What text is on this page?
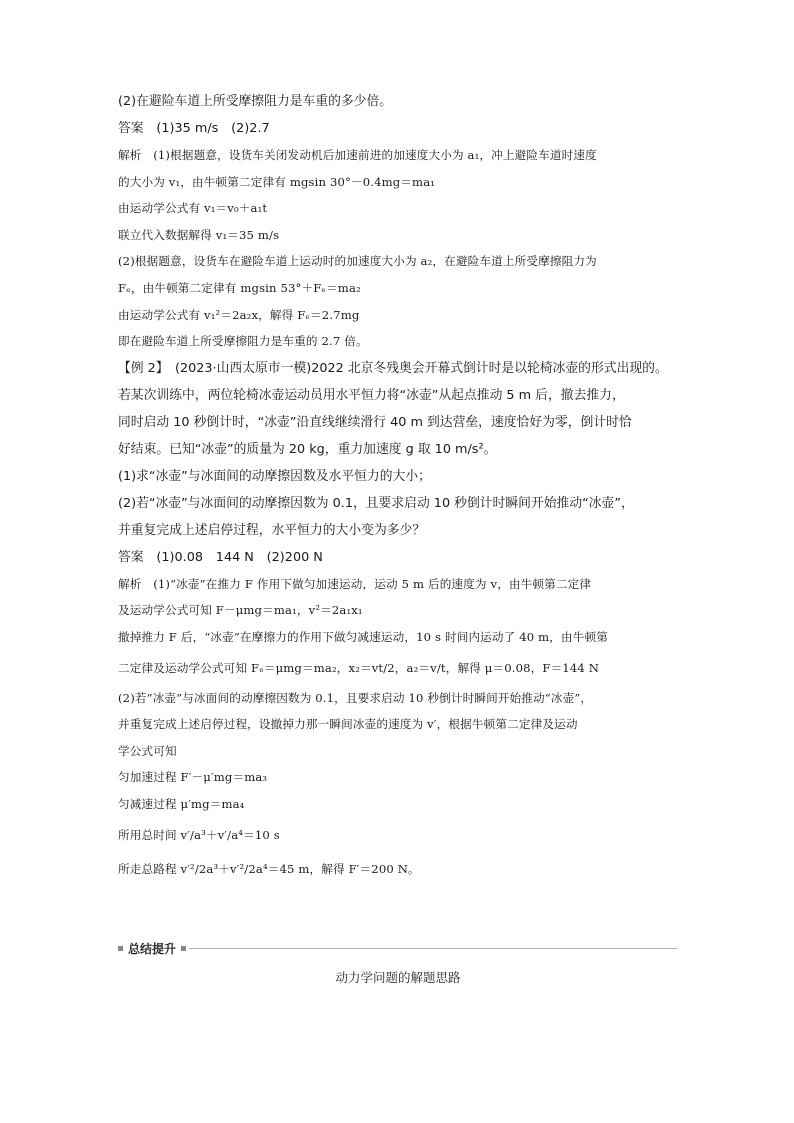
(2)在避险车道上所受摩擦阻力是车重的多少倍。
答案　(1)35 m/s　(2)2.7
解析　(1)根据题意，设货车关闭发动机后加速前进的加速度大小为 a₁，冲上避险车道时速度
的大小为 v₁，由牛顿第二定律有 mgsin 30°－0.4mg＝ma₁
由运动学公式有 v₁＝v₀＋a₁t
联立代入数据解得 v₁＝35 m/s
(2)根据题意，设货车在避险车道上运动时的加速度大小为 a₂，在避险车道上所受摩擦阻力为
Fₑ，由牛顿第二定律有 mgsin 53°＋Fₑ＝ma₂
由运动学公式有 v₁²＝2a₂x，解得 Fₑ＝2.7mg
即在避险车道上所受摩擦阻力是车重的 2.7 倍。
【例 2】　(2023·山西太原市一模)2022 北京冬残奥会开幕式倒计时是以轮椅冰壶的形式出现的。
若某次训练中，两位轮椅冰壶运动员用水平恒力将“冰壶”从起点推动 5 m 后，撤去推力，
同时启动 10 秒倒计时，“冰壶”沿直线继续滑行 40 m 到达营垒，速度恰好为零，倒计时恰
好结束。已知“冰壶”的质量为 20 kg，重力加速度 g 取 10 m/s²。
(1)求“冰壶”与冰面间的动摩擦因数及水平恒力的大小；
(2)若“冰壶”与冰面间的动摩擦因数为 0.1，且要求启动 10 秒倒计时瞬间开始推动“冰壶”，
并重复完成上述启停过程，水平恒力的大小变为多少？
答案　(1)0.08　144 N　(2)200 N
解析　(1)“冰壶”在推力 F 作用下做匀加速运动，运动 5 m 后的速度为 v，由牛顿第二定律
及运动学公式可知 F－μmg＝ma₁，v²＝2a₁x₁
撤掉推力 F 后，“冰壶”在摩擦力的作用下做匀减速运动，10 s 时间内运动了 40 m，由牛顿第
二定律及运动学公式可知 Fₑ＝μmg＝ma₂，x₂＝vt/2，a₂＝v/t，解得 μ＝0.08，F＝144 N
(2)若“冰壶”与冰面间的动摩擦因数为 0.1，且要求启动 10 秒倒计时瞬间开始推动“冰壶”，
并重复完成上述启停过程，设撤掉力那一瞬间冰壶的速度为 v′，根据牛顿第二定律及运动
学公式可知
匀加速过程 F′－μ′mg＝ma₃
匀减速过程 μ′mg＝ma₄
所用总时间 v′/a³＋v′/a⁴＝10 s
所走总路程 v′²/2a³＋v′²/2a⁴＝45 m，解得 F′＝200 N。
总结提升
动力学问题的解题思路
